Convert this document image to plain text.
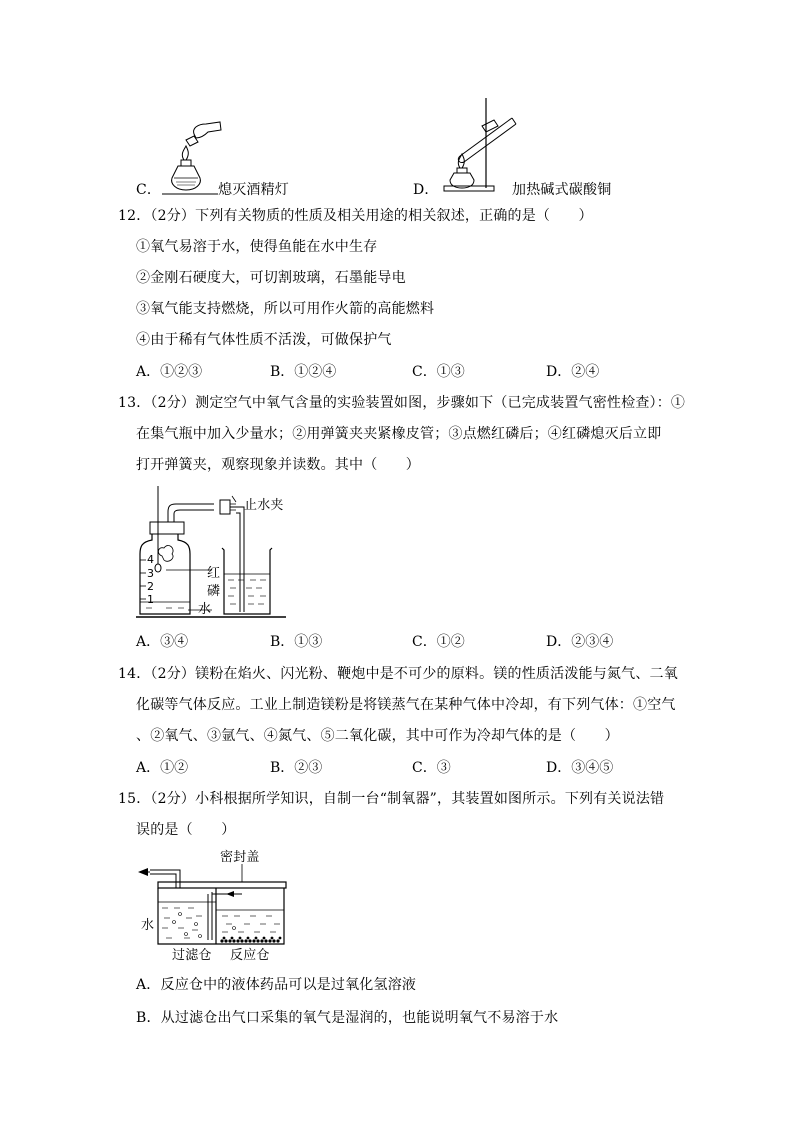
C．	熄灭酒精灯	D．	加热碱式碳酸铜
12．（2分）下列有关物质的性质及相关用途的相关叙述，正确的是（　　）
①氧气易溶于水，使得鱼能在水中生存
②金刚石硬度大，可切割玻璃，石墨能导电
③氧气能支持燃烧，所以可用作火箭的高能燃料
④由于稀有气体性质不活泼，可做保护气
A．①②③	B．①②④	C．①③	D．②④
13．（2分）测定空气中氧气含量的实验装置如图，步骤如下（已完成装置气密性检查）：①
在集气瓶中加入少量水；②用弹簧夹夹紧橡皮管；③点燃红磷后；④红磷熄灭后立即
打开弹簧夹，观察现象并读数。其中（　　）
4
3
2
1
止水夹
红
磷
水
A．③④	B．①③	C．①②	D．②③④
14．（2分）镁粉在焰火、闪光粉、鞭炮中是不可少的原料。镁的性质活泼能与氮气、二氧
化碳等气体反应。工业上制造镁粉是将镁蒸气在某种气体中冷却，有下列气体：①空气
、②氧气、③氩气、④氮气、⑤二氧化碳，其中可作为冷却气体的是（　　）
A．①②	B．②③	C．③	D．③④⑤
15．（2分）小科根据所学知识，自制一台“制氧器”，其装置如图所示。下列有关说法错
误的是（　　）
密封盖
水
过滤仓 反应仓
A．反应仓中的液体药品可以是过氧化氢溶液
B．从过滤仓出气口采集的氧气是湿润的，也能说明氧气不易溶于水
